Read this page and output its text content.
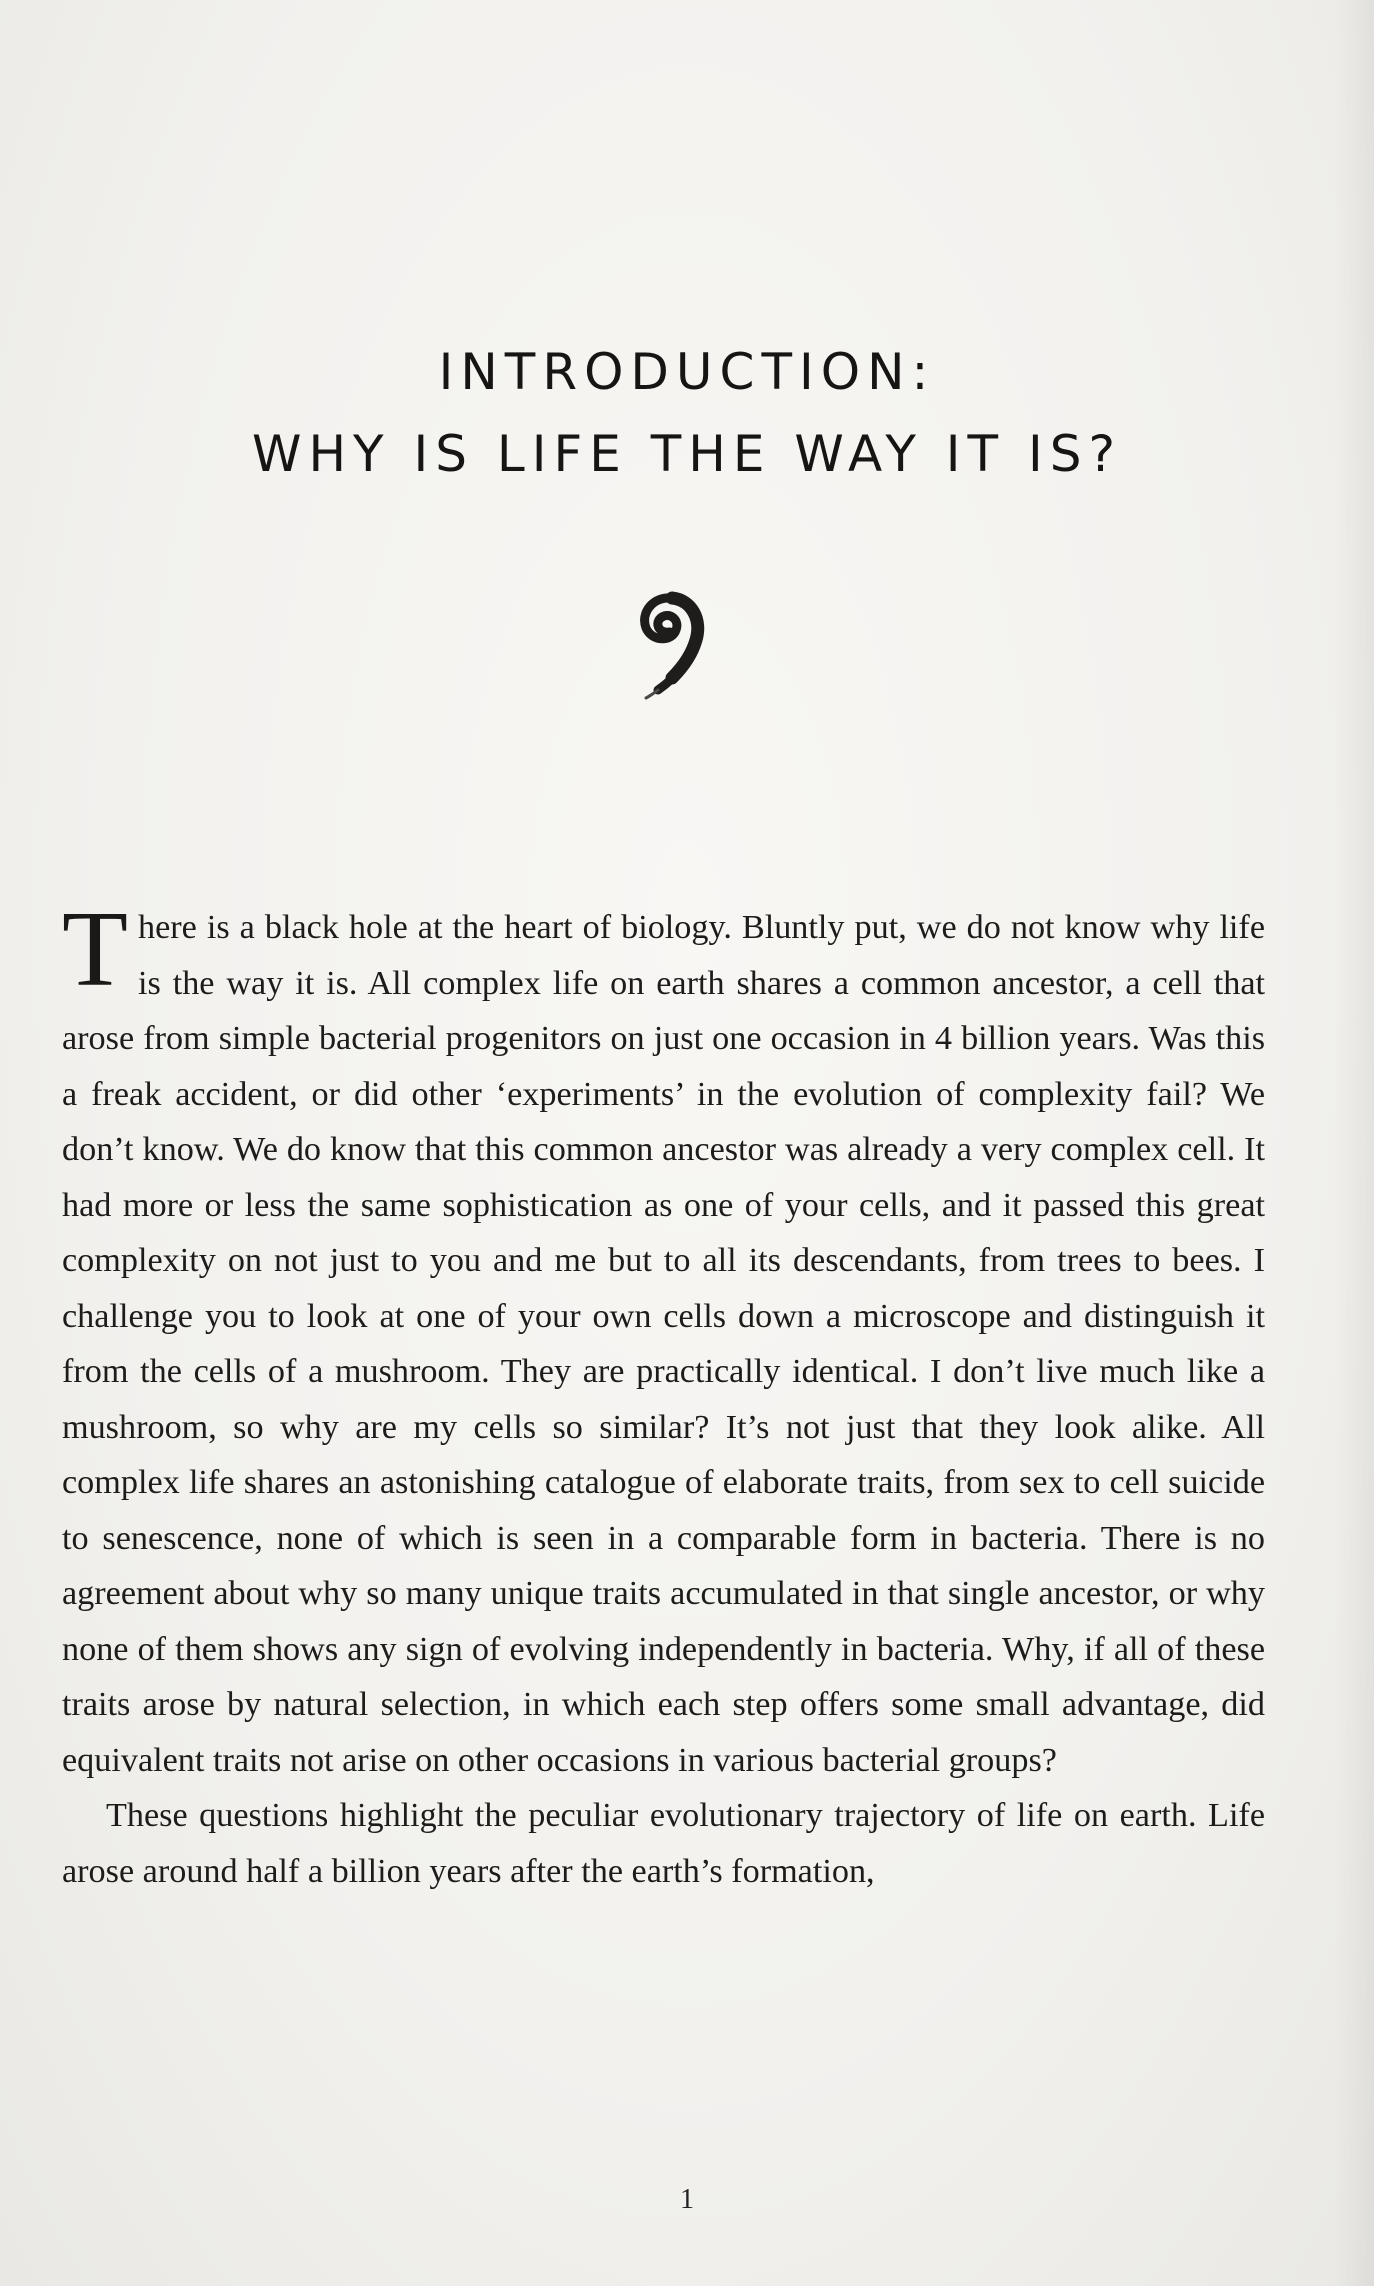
INTRODUCTION:
WHY IS LIFE THE WAY IT IS?

There is a black hole at the heart of biology. Bluntly put, we do not know why life is the way it is. All complex life on earth shares a common ancestor, a cell that arose from simple bacterial progenitors on just one occasion in 4 billion years. Was this a freak accident, or did other ‘experiments’ in the evolution of complexity fail? We don’t know. We do know that this common ancestor was already a very complex cell. It had more or less the same sophistication as one of your cells, and it passed this great complexity on not just to you and me but to all its descendants, from trees to bees. I challenge you to look at one of your own cells down a microscope and distinguish it from the cells of a mushroom. They are practically identical. I don’t live much like a mushroom, so why are my cells so similar? It’s not just that they look alike. All complex life shares an astonishing catalogue of elaborate traits, from sex to cell suicide to senescence, none of which is seen in a comparable form in bacteria. There is no agreement about why so many unique traits accumulated in that single ancestor, or why none of them shows any sign of evolving independently in bacteria. Why, if all of these traits arose by natural selection, in which each step offers some small advantage, did equivalent traits not arise on other occasions in various bacterial groups?

These questions highlight the peculiar evolutionary trajectory of life on earth. Life arose around half a billion years after the earth’s formation,

1
